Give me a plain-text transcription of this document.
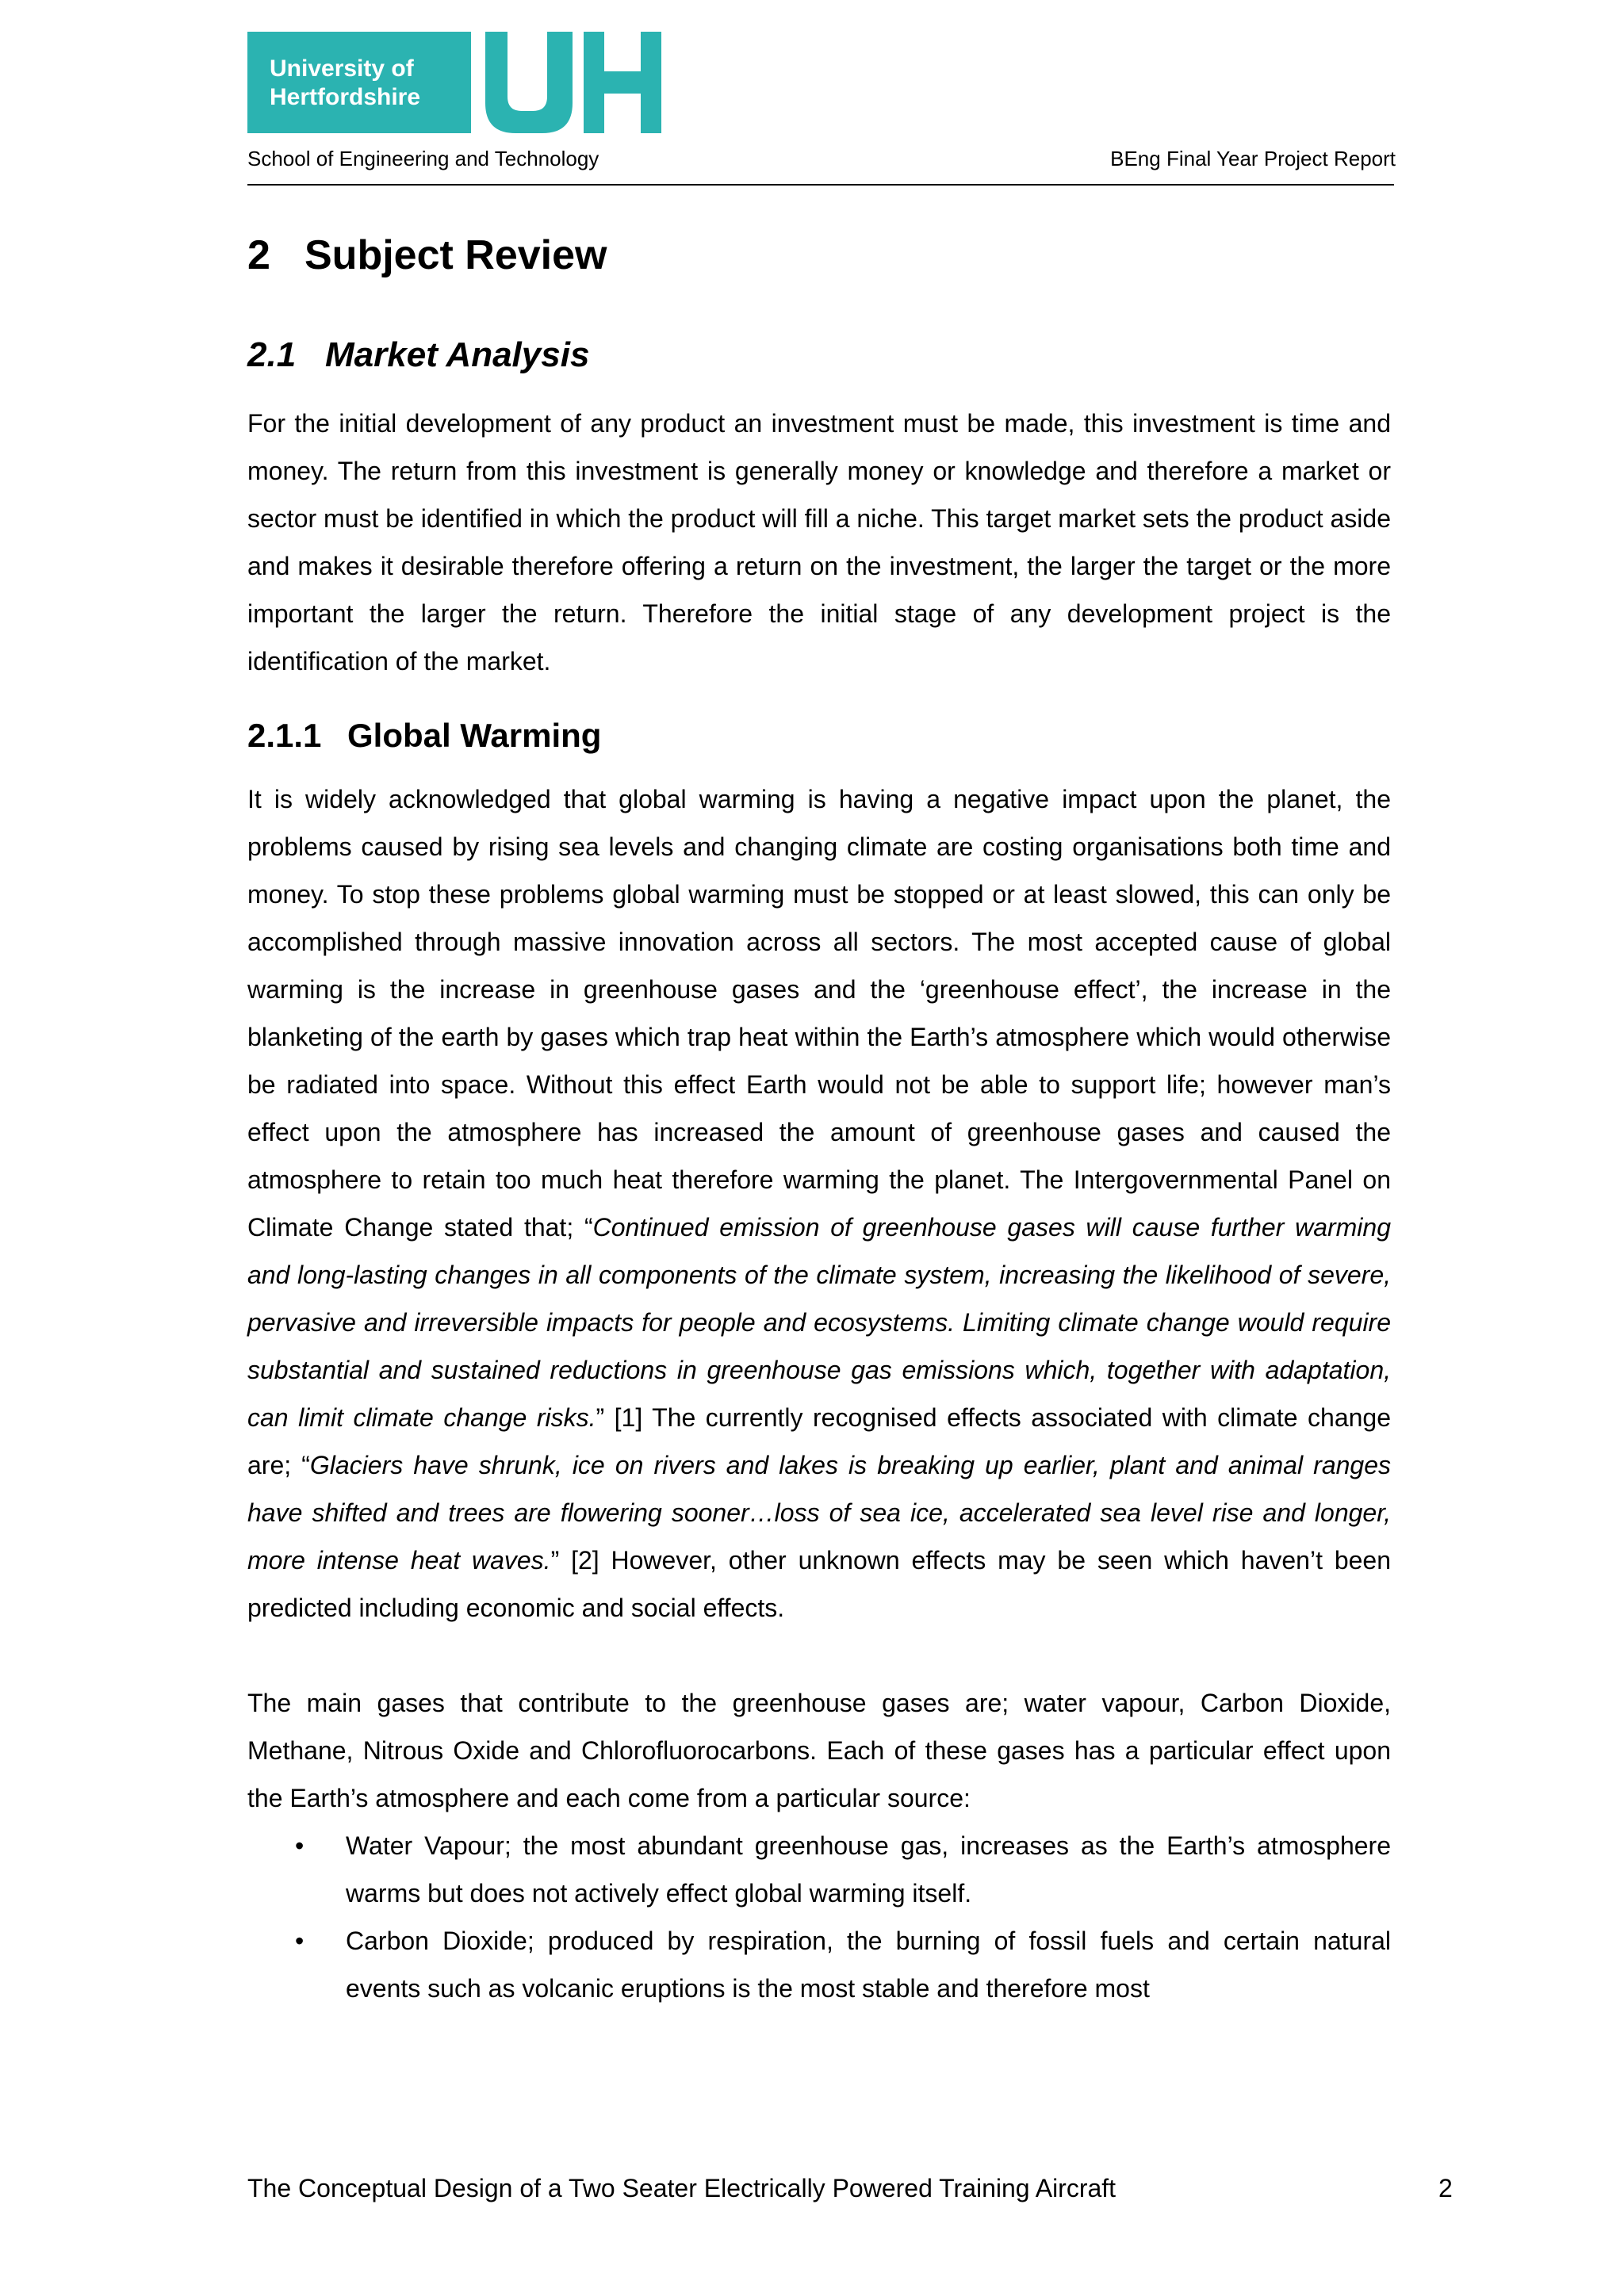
University of
Hertfordshire
School of Engineering and Technology	BEng Final Year Project Report
2 Subject Review
2.1 Market Analysis

For the initial development of any product an investment must be made, this investment is time and money. The return from this investment is generally money or knowledge and therefore a market or sector must be identified in which the product will fill a niche. This target market sets the product aside and makes it desirable therefore offering a return on the investment, the larger the target or the more important the larger the return. Therefore the initial stage of any development project is the identification of the market.

2.1.1 Global Warming

It is widely acknowledged that global warming is having a negative impact upon the planet, the problems caused by rising sea levels and changing climate are costing organisations both time and money. To stop these problems global warming must be stopped or at least slowed, this can only be accomplished through massive innovation across all sectors. The most accepted cause of global warming is the increase in greenhouse gases and the ‘greenhouse effect’, the increase in the blanketing of the earth by gases which trap heat within the Earth’s atmosphere which would otherwise be radiated into space. Without this effect Earth would not be able to support life; however man’s effect upon the atmosphere has increased the amount of greenhouse gases and caused the atmosphere to retain too much heat therefore warming the planet. The Intergovernmental Panel on Climate Change stated that; “Continued emission of greenhouse gases will cause further warming and long-lasting changes in all components of the climate system, increasing the likelihood of severe, pervasive and irreversible impacts for people and ecosystems. Limiting climate change would require substantial and sustained reductions in greenhouse gas emissions which, together with adaptation, can limit climate change risks.” [1] The currently recognised effects associated with climate change are; “Glaciers have shrunk, ice on rivers and lakes is breaking up earlier, plant and animal ranges have shifted and trees are flowering sooner…loss of sea ice, accelerated sea level rise and longer, more intense heat waves.” [2] However, other unknown effects may be seen which haven’t been predicted including economic and social effects.

The main gases that contribute to the greenhouse gases are; water vapour, Carbon Dioxide, Methane, Nitrous Oxide and Chlorofluorocarbons. Each of these gases has a particular effect upon the Earth’s atmosphere and each come from a particular source:

• Water Vapour; the most abundant greenhouse gas, increases as the Earth’s atmosphere warms but does not actively effect global warming itself.
• Carbon Dioxide; produced by respiration, the burning of fossil fuels and certain natural events such as volcanic eruptions is the most stable and therefore most
The Conceptual Design of a Two Seater Electrically Powered Training Aircraft	2
